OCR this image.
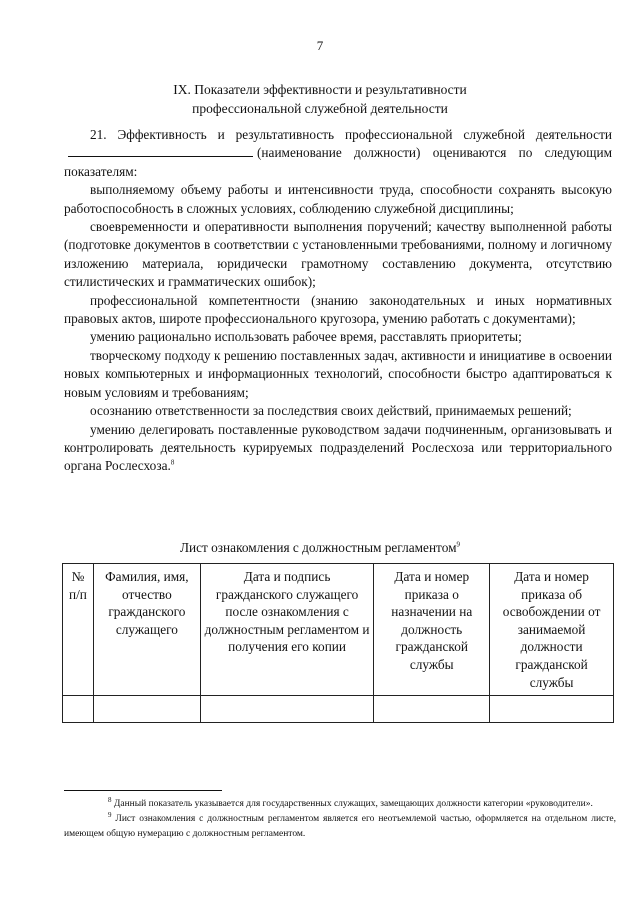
7
IX. Показатели эффективности и результативности
профессиональной служебной деятельности

21. Эффективность и результативность профессиональной служебной деятельности(наименование должности) оцениваются по следующим показателям:

выполняемому объему работы и интенсивности труда, способности сохранять высокую работоспособность в сложных условиях, соблюдению служебной дисциплины;

своевременности и оперативности выполнения поручений; качеству выполненной работы (подготовке документов в соответствии с установленными требованиями, полному и логичному изложению материала, юридически грамотному составлению документа, отсутствию стилистических и грамматических ошибок);

профессиональной компетентности (знанию законодательных и иных нормативных правовых актов, широте профессионального кругозора, умению работать с документами);

умению рационально использовать рабочее время, расставлять приоритеты;

творческому подходу к решению поставленных задач, активности и инициативе в освоении новых компьютерных и информационных технологий, способности быстро адаптироваться к новым условиям и требованиям;

осознанию ответственности за последствия своих действий, принимаемых решений;

умению делегировать поставленные руководством задачи подчиненным, организовывать и контролировать деятельность курируемых подразделений Рослесхоза или территориального органа Рослесхоза.$^8$

Лист ознакомления с должностным регламентом$^9$
№ п/п	Фамилия, имя, отчество гражданского служащего	Дата и подпись гражданского служащего после ознакомления с должностным регламентом и получения его копии	Дата и номер приказа о назначении на должность гражданской службы	Дата и номер приказа об освобождении от занимаемой должности гражданской службы

$^8$ Данный показатель указывается для государственных служащих, замещающих должности категории «руководители».

$^9$ Лист ознакомления с должностным регламентом является его неотъемлемой частью, оформляется на отдельном листе, имеющем общую нумерацию с должностным регламентом.
